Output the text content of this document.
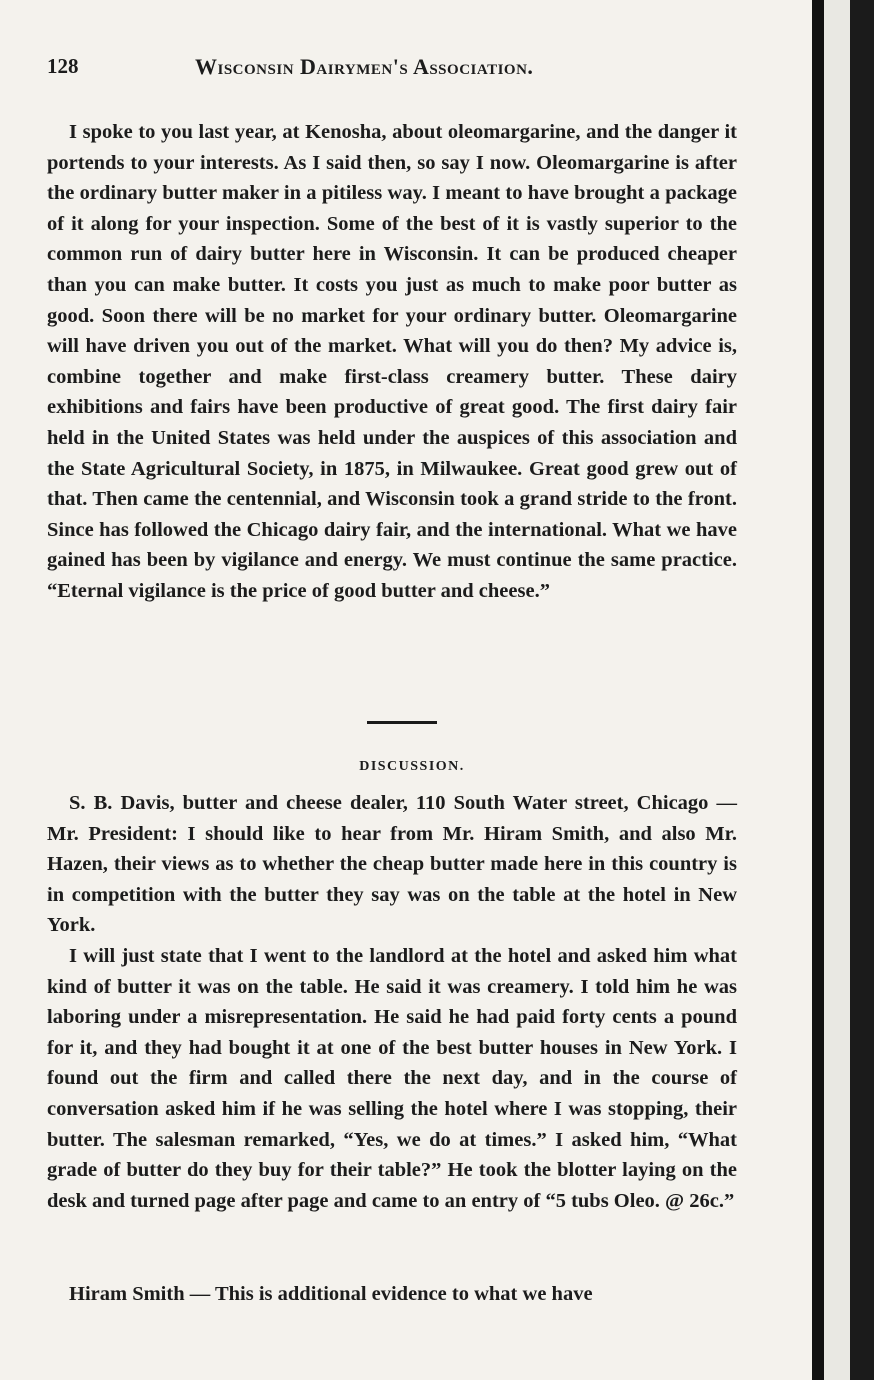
128	Wisconsin Dairymen's Association.
I spoke to you last year, at Kenosha, about oleomargarine, and the danger it portends to your interests. As I said then, so say I now. Oleomargarine is after the ordinary butter maker in a pitiless way. I meant to have brought a package of it along for your inspection. Some of the best of it is vastly superior to the common run of dairy butter here in Wisconsin. It can be produced cheaper than you can make butter. It costs you just as much to make poor butter as good. Soon there will be no market for your ordinary butter. Oleomargarine will have driven you out of the market. What will you do then? My advice is, combine together and make first-class creamery butter. These dairy exhibitions and fairs have been productive of great good. The first dairy fair held in the United States was held under the auspices of this association and the State Agricultural Society, in 1875, in Milwaukee. Great good grew out of that. Then came the centennial, and Wisconsin took a grand stride to the front. Since has followed the Chicago dairy fair, and the international. What we have gained has been by vigilance and energy. We must continue the same practice. “Eternal vigilance is the price of good butter and cheese.”
DISCUSSION.
S. B. Davis, butter and cheese dealer, 110 South Water street, Chicago — Mr. President: I should like to hear from Mr. Hiram Smith, and also Mr. Hazen, their views as to whether the cheap butter made here in this country is in competition with the butter they say was on the table at the hotel in New York.
I will just state that I went to the landlord at the hotel and asked him what kind of butter it was on the table. He said it was creamery. I told him he was laboring under a misrepresentation. He said he had paid forty cents a pound for it, and they had bought it at one of the best butter houses in New York. I found out the firm and called there the next day, and in the course of conversation asked him if he was selling the hotel where I was stopping, their butter. The salesman remarked, “Yes, we do at times.” I asked him, “What grade of butter do they buy for their table?” He took the blotter laying on the desk and turned page after page and came to an entry of “5 tubs Oleo. @ 26c.”
Hiram Smith — This is additional evidence to what we have
